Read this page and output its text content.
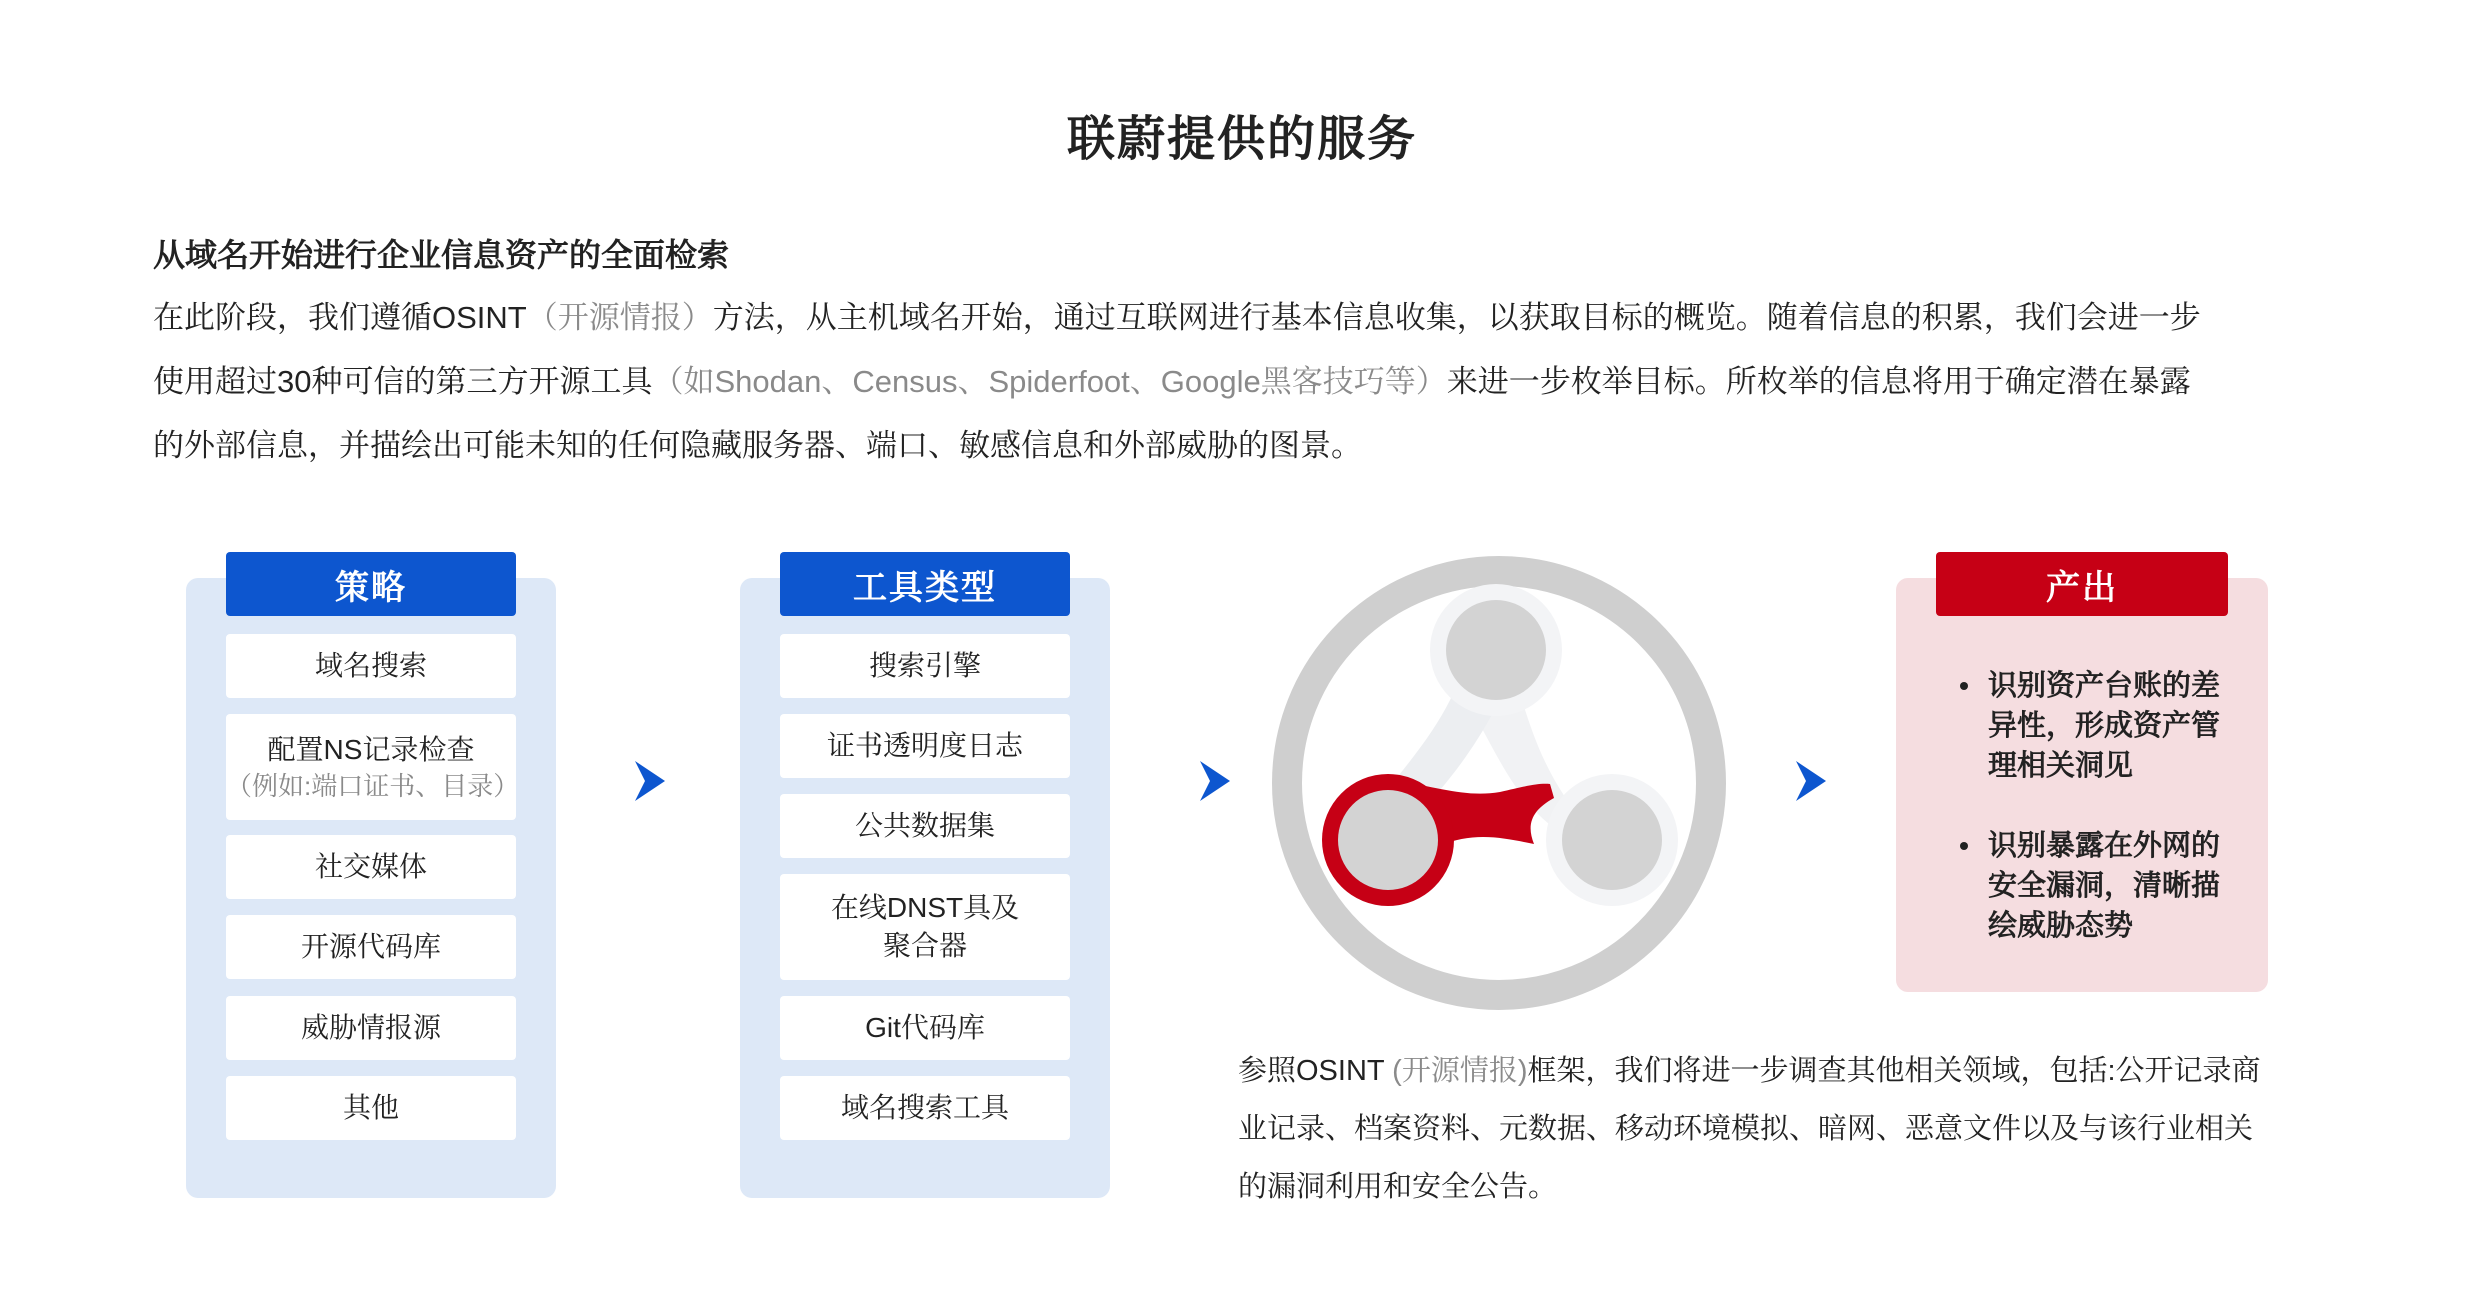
联蔚提供的服务
从域名开始进行企业信息资产的全面检索
在此阶段，我们遵循OSINT（开源情报）方法，从主机域名开始，通过互联网进行基本信息收集，以获取目标的概览。随着信息的积累，我们会进一步
使用超过30种可信的第三方开源工具（如Shodan、Census、Spiderfoot、Google黑客技巧等）来进一步枚举目标。所枚举的信息将用于确定潜在暴露
的外部信息，并描绘出可能未知的任何隐藏服务器、端口、敏感信息和外部威胁的图景。
策略
域名搜索
配置NS记录检查
（例如:端口证书、目录）
社交媒体
开源代码库
威胁情报源
其他
工具类型
搜索引擎
证书透明度日志
公共数据集
在线DNST具及
聚合器
Git代码库
域名搜索工具
产出
识别资产台账的差
异性，形成资产管
理相关洞见
识别暴露在外网的
安全漏洞，清晰描
绘威胁态势
参照OSINT (开源情报)框架，我们将进一步调查其他相关领域，包括:公开记录商业记录、档案资料、元数据、移动环境模拟、暗网、恶意文件以及与该行业相关的漏洞利用和安全公告。
